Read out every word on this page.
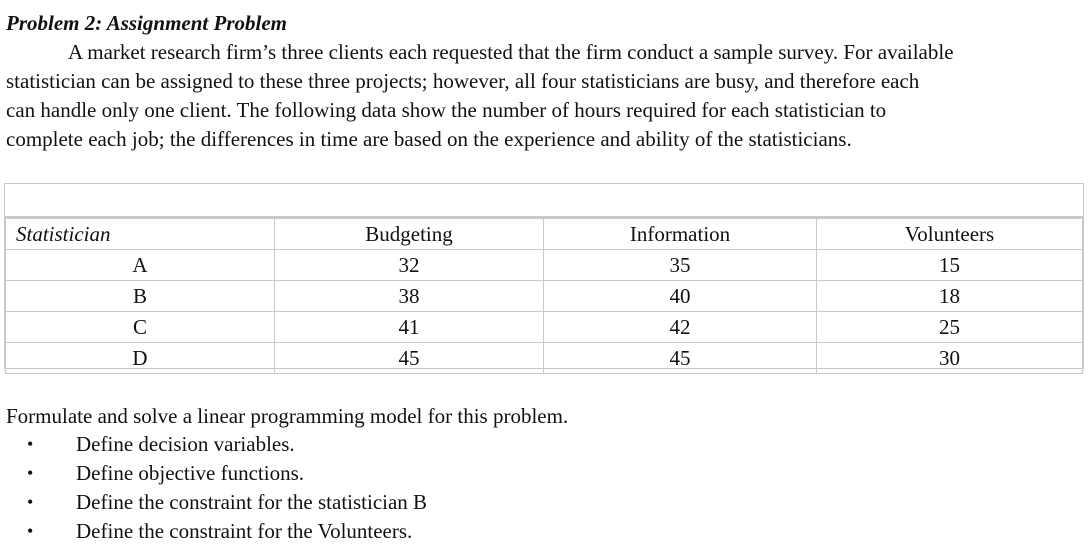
Problem 2: Assignment Problem
A market research firm’s three clients each requested that the firm conduct a sample survey. For available
statistician can be assigned to these three projects; however, all four statisticians are busy, and therefore each
can handle only one client. The following data show the number of hours required for each statistician to
complete each job; the differences in time are based on the experience and ability of the statisticians.
Statistician	Budgeting	Information	Volunteers
A	32	35	15
B	38	40	18
C	41	42	25
D	45	45	30
Formulate and solve a linear programming model for this problem.
• Define decision variables.
• Define objective functions.
• Define the constraint for the statistician B
• Define the constraint for the Volunteers.
